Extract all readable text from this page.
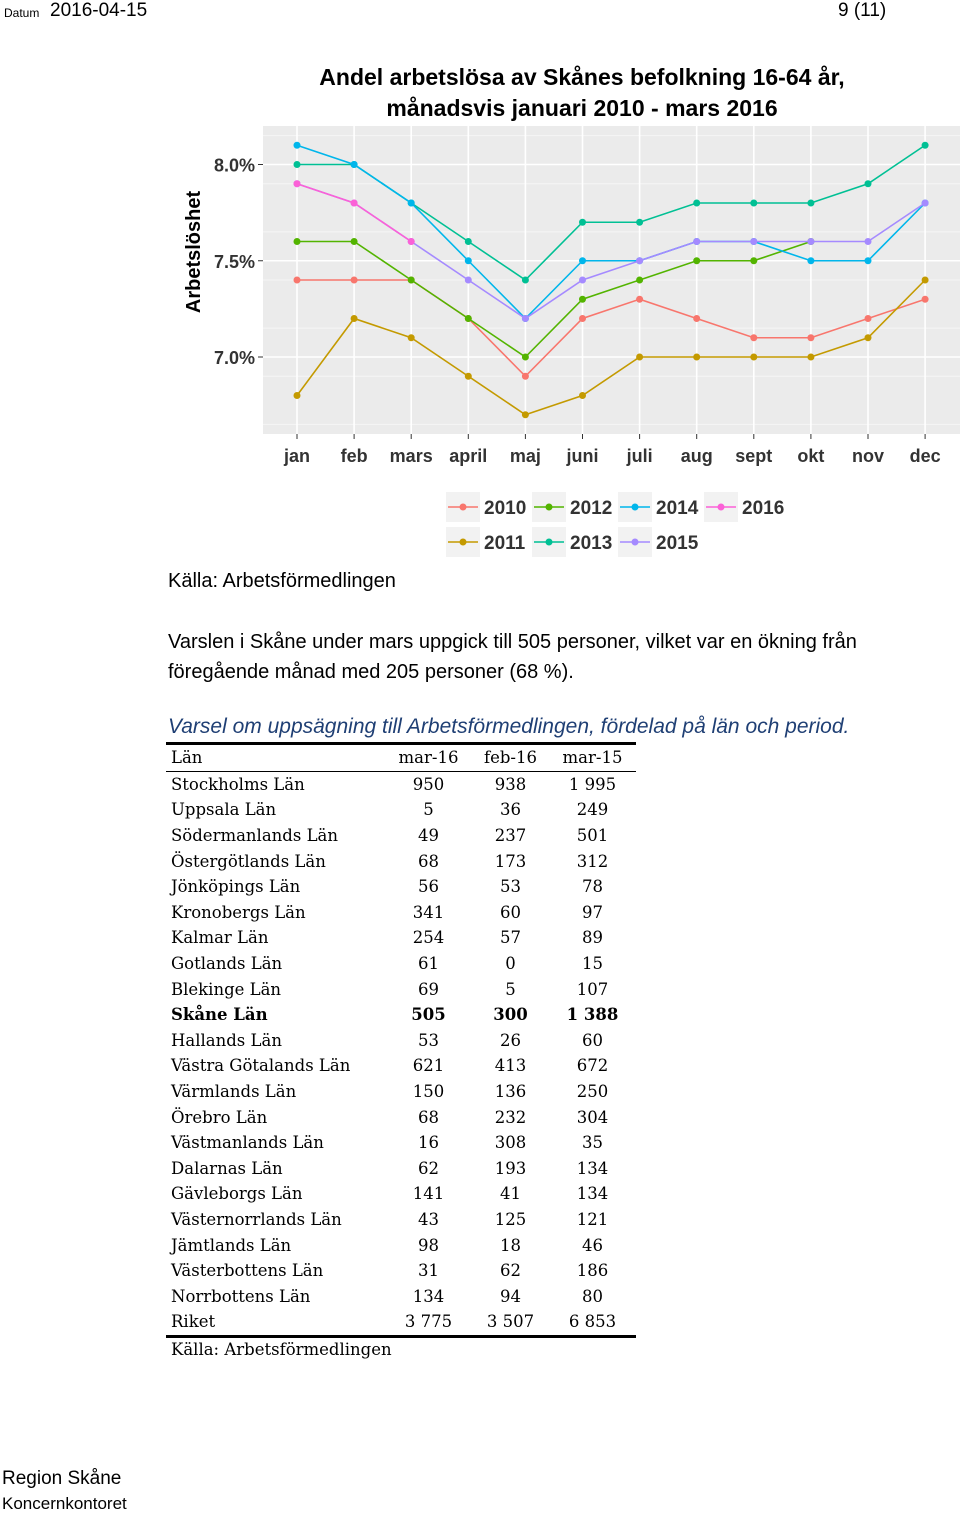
Datum 2016-04-15	9 (11)
Andel arbetslösa av Skånes befolkning 16-64 år,
månadsvis januari 2010 - mars 2016
7.0%
7.5%
8.0%
jan feb mars april maj juni juli aug sept okt nov dec
Arbetslöshet
2010
2011
2012
2013
2014
2015
2016
Källa: Arbetsförmedlingen
Varslen i Skåne under mars uppgick till 505 personer, vilket var en ökning från föregående månad med 205 personer (68 %).
Varsel om uppsägning till Arbetsförmedlingen, fördelad på län och period.
Län	mar-16	feb-16	mar-15
Stockholms Län	950	938	1 995
Uppsala Län	5	36	249
Södermanlands Län	49	237	501
Östergötlands Län	68	173	312
Jönköpings Län	56	53	78
Kronobergs Län	341	60	97
Kalmar Län	254	57	89
Gotlands Län	61	0	15
Blekinge Län	69	5	107
Skåne Län	505	300	1 388
Hallands Län	53	26	60
Västra Götalands Län	621	413	672
Värmlands Län	150	136	250
Örebro Län	68	232	304
Västmanlands Län	16	308	35
Dalarnas Län	62	193	134
Gävleborgs Län	141	41	134
Västernorrlands Län	43	125	121
Jämtlands Län	98	18	46
Västerbottens Län	31	62	186
Norrbottens Län	134	94	80
Riket	3 775	3 507	6 853
Källa: Arbetsförmedlingen
Region Skåne
Koncernkontoret
